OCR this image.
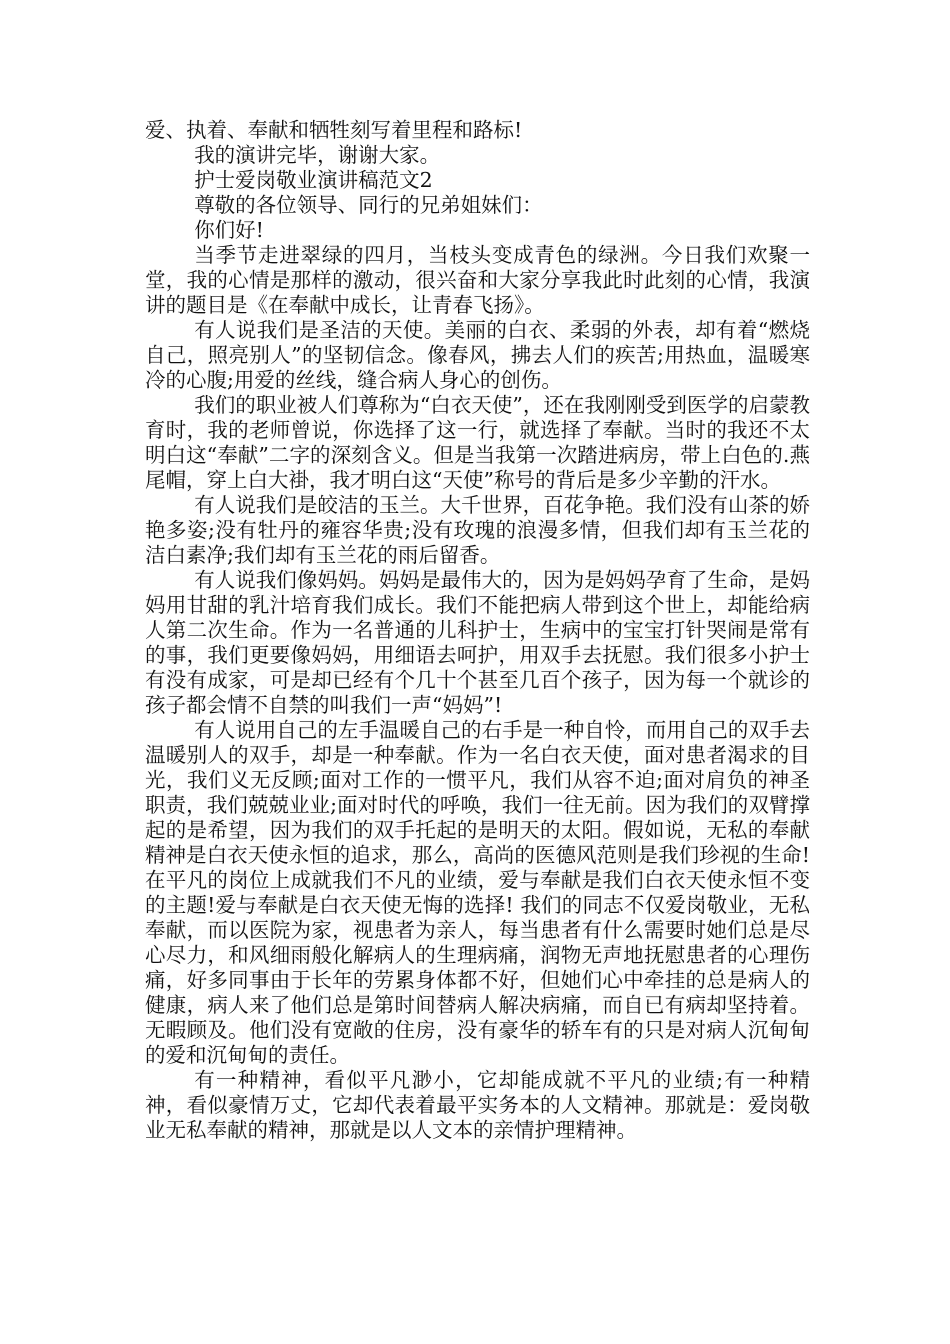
爱、执着、奉献和牺牲刻写着里程和路标!

我的演讲完毕，谢谢大家。

护士爱岗敬业演讲稿范文2

尊敬的各位领导、同行的兄弟姐妹们：

你们好!

当季节走进翠绿的四月，当枝头变成青色的绿洲。今日我们欢聚一堂，我的心情是那样的激动，很兴奋和大家分享我此时此刻的心情，我演讲的题目是《在奉献中成长，让青春飞扬》。

有人说我们是圣洁的天使。美丽的白衣、柔弱的外表，却有着“燃烧自己，照亮别人”的坚韧信念。像春风，拂去人们的疾苦;用热血，温暖寒冷的心腹;用爱的丝线，缝合病人身心的创伤。

我们的职业被人们尊称为“白衣天使”，还在我刚刚受到医学的启蒙教育时，我的老师曾说，你选择了这一行，就选择了奉献。当时的我还不太明白这“奉献”二字的深刻含义。但是当我第一次踏进病房，带上白色的.燕尾帽，穿上白大褂，我才明白这“天使”称号的背后是多少辛勤的汗水。

有人说我们是皎洁的玉兰。大千世界，百花争艳。我们没有山茶的娇艳多姿;没有牡丹的雍容华贵;没有玫瑰的浪漫多情，但我们却有玉兰花的洁白素净;我们却有玉兰花的雨后留香。

有人说我们像妈妈。妈妈是最伟大的，因为是妈妈孕育了生命，是妈妈用甘甜的乳汁培育我们成长。我们不能把病人带到这个世上，却能给病人第二次生命。作为一名普通的儿科护士，生病中的宝宝打针哭闹是常有的事，我们更要像妈妈，用细语去呵护，用双手去抚慰。我们很多小护士有没有成家，可是却已经有个几十个甚至几百个孩子，因为每一个就诊的孩子都会情不自禁的叫我们一声“妈妈”!

有人说用自己的左手温暖自己的右手是一种自怜，而用自己的双手去温暖别人的双手，却是一种奉献。作为一名白衣天使，面对患者渴求的目光，我们义无反顾;面对工作的一惯平凡，我们从容不迫;面对肩负的神圣职责，我们兢兢业业;面对时代的呼唤，我们一往无前。因为我们的双臂撑起的是希望，因为我们的双手托起的是明天的太阳。假如说，无私的奉献精神是白衣天使永恒的追求，那么，高尚的医德风范则是我们珍视的生命!在平凡的岗位上成就我们不凡的业绩，爱与奉献是我们白衣天使永恒不变的主题!爱与奉献是白衣天使无悔的选择! 我们的同志不仅爱岗敬业，无私奉献，而以医院为家，视患者为亲人，每当患者有什么需要时她们总是尽心尽力，和风细雨般化解病人的生理病痛，润物无声地抚慰患者的心理伤痛，好多同事由于长年的劳累身体都不好，但她们心中牵挂的总是病人的健康，病人来了他们总是第时间替病人解决病痛，而自已有病却坚持着。无暇顾及。他们没有宽敞的住房，没有豪华的轿车有的只是对病人沉甸甸的爱和沉甸甸的责任。

有一种精神，看似平凡渺小，它却能成就不平凡的业绩;有一种精神，看似豪情万丈，它却代表着最平实务本的人文精神。那就是：爱岗敬业无私奉献的精神，那就是以人文本的亲情护理精神。
